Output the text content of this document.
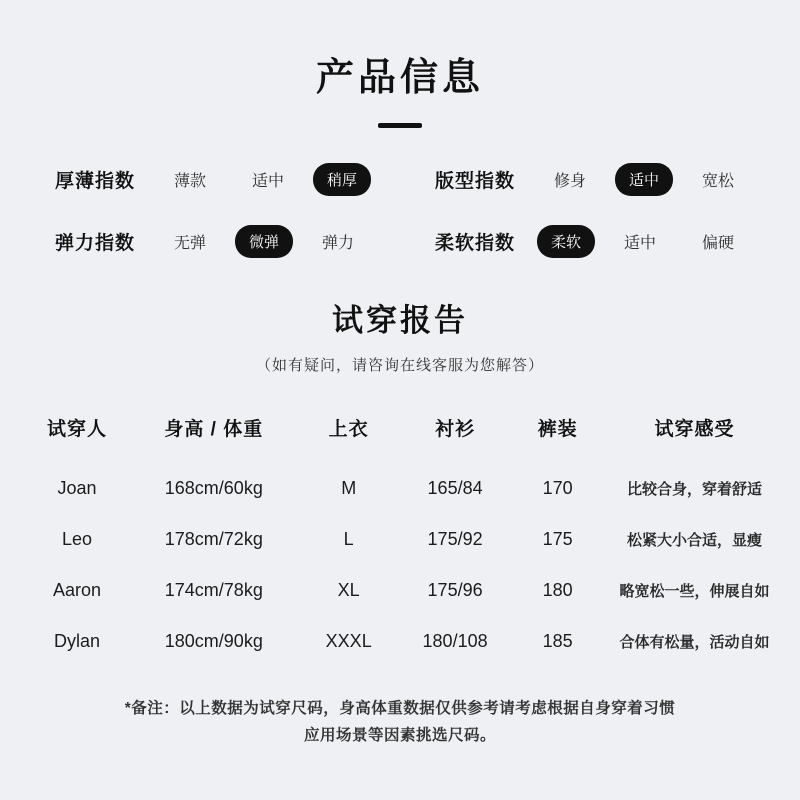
产品信息
厚薄指数	薄款	适中	稍厚	版型指数	修身	适中	宽松
弹力指数	无弹	微弹	弹力	柔软指数	柔软	适中	偏硬
试穿报告

（如有疑问，请咨询在线客服为您解答）

试穿人	身高 / 体重	上衣	衬衫	裤装	试穿感受
Joan	168cm/60kg	M	165/84	170	比较合身，穿着舒适
Leo	178cm/72kg	L	175/92	175	松紧大小合适，显瘦
Aaron	174cm/78kg	XL	175/96	180	略宽松一些，伸展自如
Dylan	180cm/90kg	XXXL	180/108	185	合体有松量，活动自如

*备注：以上数据为试穿尺码，身高体重数据仅供参考请考虑根据自身穿着习惯

应用场景等因素挑选尺码。
